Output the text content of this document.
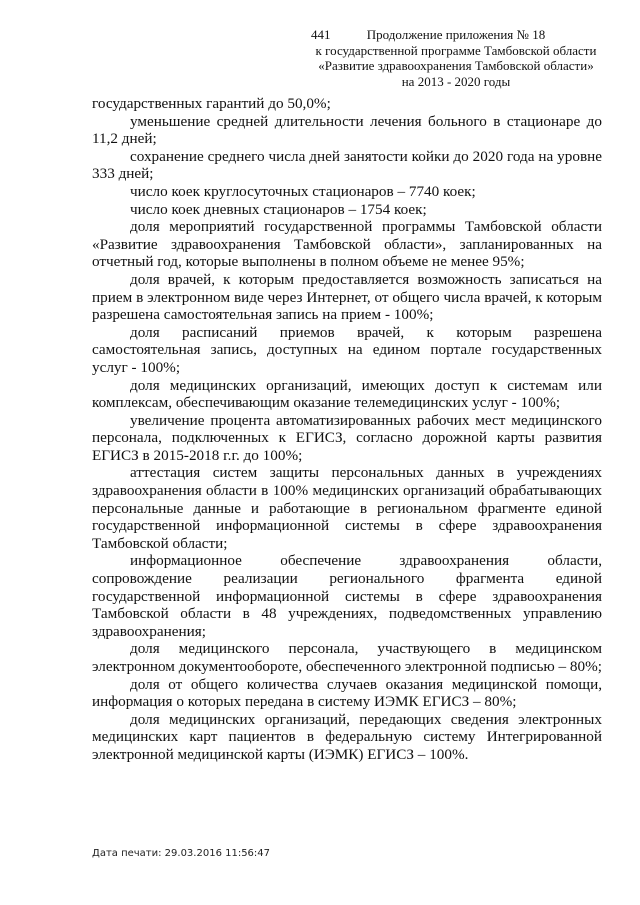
441	Продолжение приложения № 18
к государственной программе Тамбовской области
«Развитие здравоохранения Тамбовской области»
на 2013 - 2020 годы

государственных гарантий до 50,0%;

уменьшение средней длительности лечения больного в стационаре до 11,2 дней;

сохранение среднего числа дней занятости койки до 2020 года на уровне 333 дней;

число коек круглосуточных стационаров – 7740 коек;

число коек дневных стационаров – 1754 коек;

доля мероприятий государственной программы Тамбовской области «Развитие здравоохранения Тамбовской области», запланированных на отчетный год, которые выполнены в полном объеме не менее 95%;

доля врачей, к которым предоставляется возможность записаться на прием в электронном виде через Интернет, от общего числа врачей, к которым разрешена самостоятельная запись на прием - 100%;

доля расписаний приемов врачей, к которым разрешена самостоятельная запись, доступных на едином портале государственных услуг - 100%;

доля медицинских организаций, имеющих доступ к системам или комплексам, обеспечивающим оказание телемедицинских услуг - 100%;

увеличение процента автоматизированных рабочих мест медицинского персонала, подключенных к ЕГИСЗ, согласно дорожной карты развития ЕГИСЗ в 2015-2018 г.г. до 100%;

аттестация систем защиты персональных данных в учреждениях здравоохранения области в 100% медицинских организаций обрабатывающих персональные данные и работающие в региональном фрагменте единой государственной информационной системы в сфере здравоохранения Тамбовской области;

информационное обеспечение здравоохранения области, сопровождение реализации регионального фрагмента единой государственной информационной системы в сфере здравоохранения Тамбовской области в 48 учреждениях, подведомственных управлению здравоохранения;

доля медицинского персонала, участвующего в медицинском электронном документообороте, обеспеченного электронной подписью – 80%;

доля от общего количества случаев оказания медицинской помощи, информация о которых передана в систему ИЭМК ЕГИСЗ – 80%;

доля медицинских организаций, передающих сведения электронных медицинских карт пациентов в федеральную систему Интегрированной электронной медицинской карты (ИЭМК) ЕГИСЗ – 100%.

Дата печати: 29.03.2016 11:56:47
